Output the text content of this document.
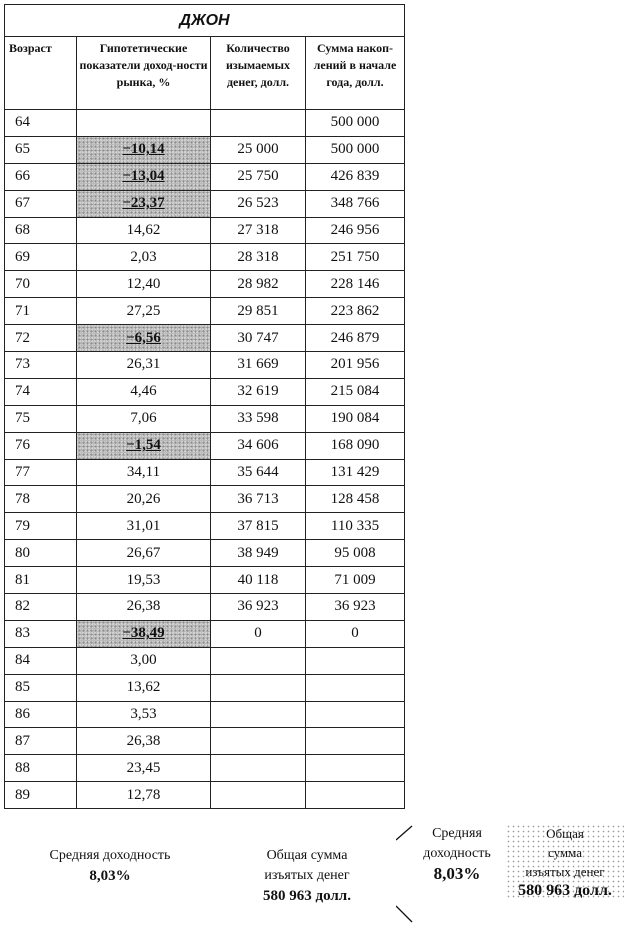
ДЖОН			
Возраст	Гипотетические показатели доход-ности рынка, %	Количество изымаемых денег, долл.	Сумма накоп-лений в начале года, долл.
64			500 000
65	−10,14	25 000	500 000
66	−13,04	25 750	426 839
67	−23,37	26 523	348 766
68	14,62	27 318	246 956
69	2,03	28 318	251 750
70	12,40	28 982	228 146
71	27,25	29 851	223 862
72	−6,56	30 747	246 879
73	26,31	31 669	201 956
74	4,46	32 619	215 084
75	7,06	33 598	190 084
76	−1,54	34 606	168 090
77	34,11	35 644	131 429
78	20,26	36 713	128 458
79	31,01	37 815	110 335
80	26,67	38 949	95 008
81	19,53	40 118	71 009
82	26,38	36 923	36 923
83	−38,49	0	0
84	3,00		
85	13,62		
86	3,53		
87	26,38		
88	23,45		
89	12,78		
Средняя доходность
8,03%
Общая сумма
изъятых денег
580 963 долл.
Средняя
доходность
8,03%
Общая
сумма
изъятых денег
580 963 долл.
